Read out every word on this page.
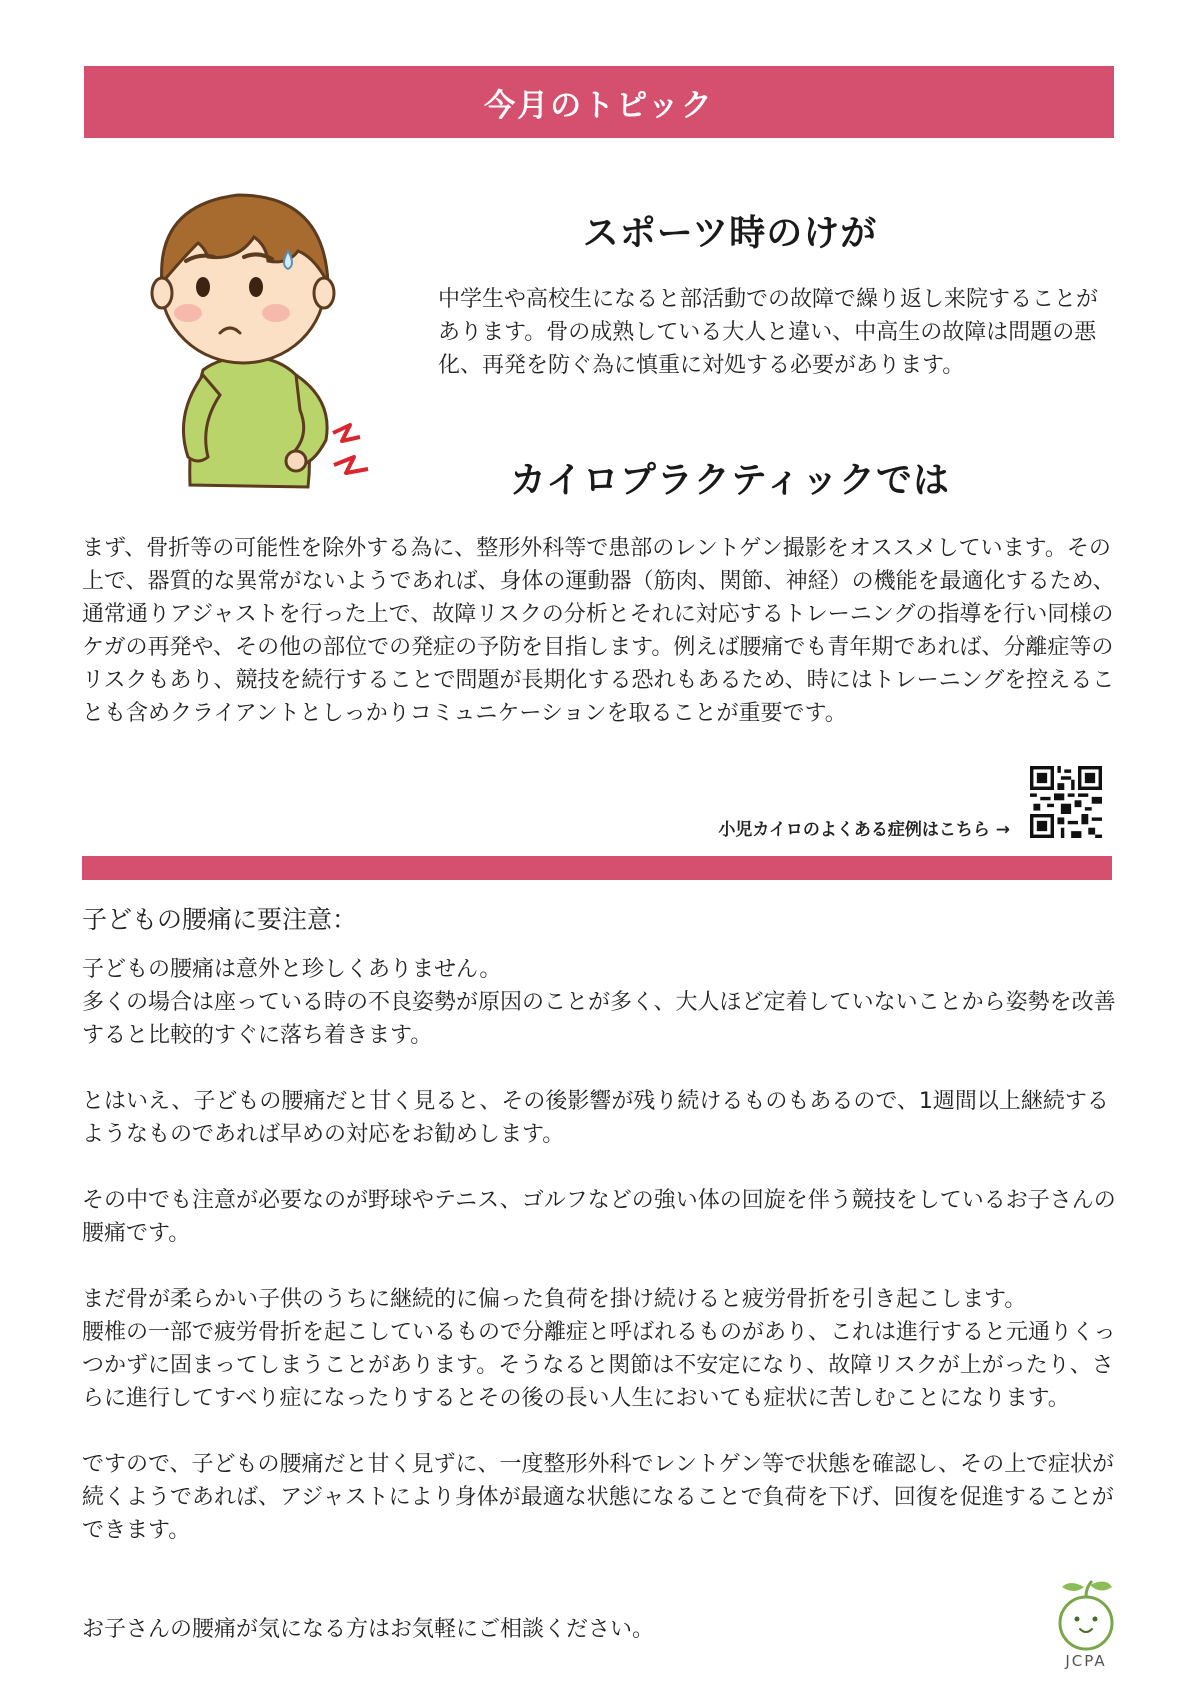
今月のトピック
スポーツ時のけが

中学生や高校生になると部活動での故障で繰り返し来院することがあります。骨の成熟している大人と違い、中高生の故障は問題の悪化、再発を防ぐ為に慎重に対処する必要があります。

カイロプラクティックでは

まず、骨折等の可能性を除外する為に、整形外科等で患部のレントゲン撮影をオススメしています。その上で、器質的な異常がないようであれば、身体の運動器（筋肉、関節、神経）の機能を最適化するため、通常通りアジャストを行った上で、故障リスクの分析とそれに対応するトレーニングの指導を行い同様のケガの再発や、その他の部位での発症の予防を目指します。例えば腰痛でも青年期であれば、分離症等のリスクもあり、競技を続行することで問題が長期化する恐れもあるため、時にはトレーニングを控えることも含めクライアントとしっかりコミュニケーションを取ることが重要です。

小児カイロのよくある症例はこちら →

子どもの腰痛に要注意：

子どもの腰痛は意外と珍しくありません。
多くの場合は座っている時の不良姿勢が原因のことが多く、大人ほど定着していないことから姿勢を改善すると比較的すぐに落ち着きます。

とはいえ、子どもの腰痛だと甘く見ると、その後影響が残り続けるものもあるので、1週間以上継続するようなものであれば早めの対応をお勧めします。

その中でも注意が必要なのが野球やテニス、ゴルフなどの強い体の回旋を伴う競技をしているお子さんの腰痛です。

まだ骨が柔らかい子供のうちに継続的に偏った負荷を掛け続けると疲労骨折を引き起こします。
腰椎の一部で疲労骨折を起こしているもので分離症と呼ばれるものがあり、これは進行すると元通りくっつかずに固まってしまうことがあります。そうなると関節は不安定になり、故障リスクが上がったり、さらに進行してすべり症になったりするとその後の長い人生においても症状に苦しむことになります。

ですので、子どもの腰痛だと甘く見ずに、一度整形外科でレントゲン等で状態を確認し、その上で症状が続くようであれば、アジャストにより身体が最適な状態になることで負荷を下げ、回復を促進することができます。

お子さんの腰痛が気になる方はお気軽にご相談ください。

JCPA
